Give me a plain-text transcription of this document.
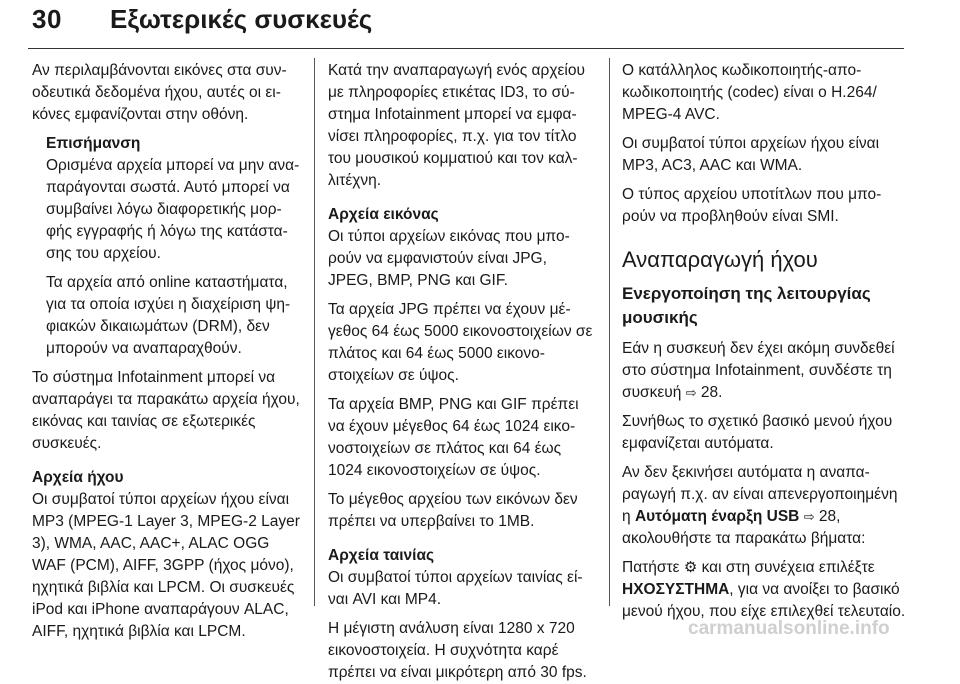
30 Εξωτερικές συσκευές

Αν περιλαμβάνονται εικόνες στα συνοδευτικά δεδομένα ήχου, αυτές οι εικόνες εμφανίζονται στην οθόνη.

Επισήμανση

Ορισμένα αρχεία μπορεί να μην αναπαράγονται σωστά. Αυτό μπορεί να συμβαίνει λόγω διαφορετικής μορφής εγγραφής ή λόγω της κατάστασης του αρχείου.

Τα αρχεία από online καταστήματα, για τα οποία ισχύει η διαχείριση ψηφιακών δικαιωμάτων (DRM), δεν μπορούν να αναπαραχθούν.

Το σύστημα Infotainment μπορεί να αναπαράγει τα παρακάτω αρχεία ήχου, εικόνας και ταινίας σε εξωτερικές συσκευές.

Αρχεία ήχου

Οι συμβατοί τύποι αρχείων ήχου είναι MP3 (MPEG-1 Layer 3, MPEG-2 Layer 3), WMA, AAC, AAC+, ALAC OGG WAF (PCM), AIFF, 3GPP (ήχος μόνο), ηχητικά βιβλία και LPCM. Οι συσκευές iPod και iPhone αναπαράγουν ALAC, AIFF, ηχητικά βιβλία και LPCM.

Κατά την αναπαραγωγή ενός αρχείου με πληροφορίες ετικέτας ID3, το σύστημα Infotainment μπορεί να εμφανίσει πληροφορίες, π.χ. για τον τίτλο του μουσικού κομματιού και τον καλλιτέχνη.

Αρχεία εικόνας

Οι τύποι αρχείων εικόνας που μπορούν να εμφανιστούν είναι JPG, JPEG, BMP, PNG και GIF.

Τα αρχεία JPG πρέπει να έχουν μέγεθος 64 έως 5000 εικονοστοιχείων σε πλάτος και 64 έως 5000 εικονοστοιχείων σε ύψος.

Τα αρχεία BMP, PNG και GIF πρέπει να έχουν μέγεθος 64 έως 1024 εικονοστοιχείων σε πλάτος και 64 έως 1024 εικονοστοιχείων σε ύψος.

Το μέγεθος αρχείου των εικόνων δεν πρέπει να υπερβαίνει το 1MB.

Αρχεία ταινίας

Οι συμβατοί τύποι αρχείων ταινίας είναι AVI και MP4.

Η μέγιστη ανάλυση είναι 1280 x 720 εικονοστοιχεία. Η συχνότητα καρέ πρέπει να είναι μικρότερη από 30 fps.

Ο κατάλληλος κωδικοποιητής-αποκωδικοποιητής (codec) είναι ο H.264/ MPEG-4 AVC.

Οι συμβατοί τύποι αρχείων ήχου είναι MP3, AC3, AAC και WMA.

Ο τύπος αρχείου υποτίτλων που μπορούν να προβληθούν είναι SMI.

Αναπαραγωγή ήχου
Ενεργοποίηση της λειτουργίας μουσικής

Εάν η συσκευή δεν έχει ακόμη συνδεθεί στο σύστημα Infotainment, συνδέστε τη συσκευή ⇨ 28.

Συνήθως το σχετικό βασικό μενού ήχου εμφανίζεται αυτόματα.

Αν δεν ξεκινήσει αυτόματα η αναπαραγωγή π.χ. αν είναι απενεργοποιημένη η Αυτόματη έναρξη USB ⇨ 28, ακολουθήστε τα παρακάτω βήματα:

Πατήστε ⚙ και στη συνέχεια επιλέξτε ΗΧΟΣΥΣΤΗΜΑ, για να ανοίξει το βασικό μενού ήχου, που είχε επιλεχθεί τελευταίο.

carmanualsonline.info
